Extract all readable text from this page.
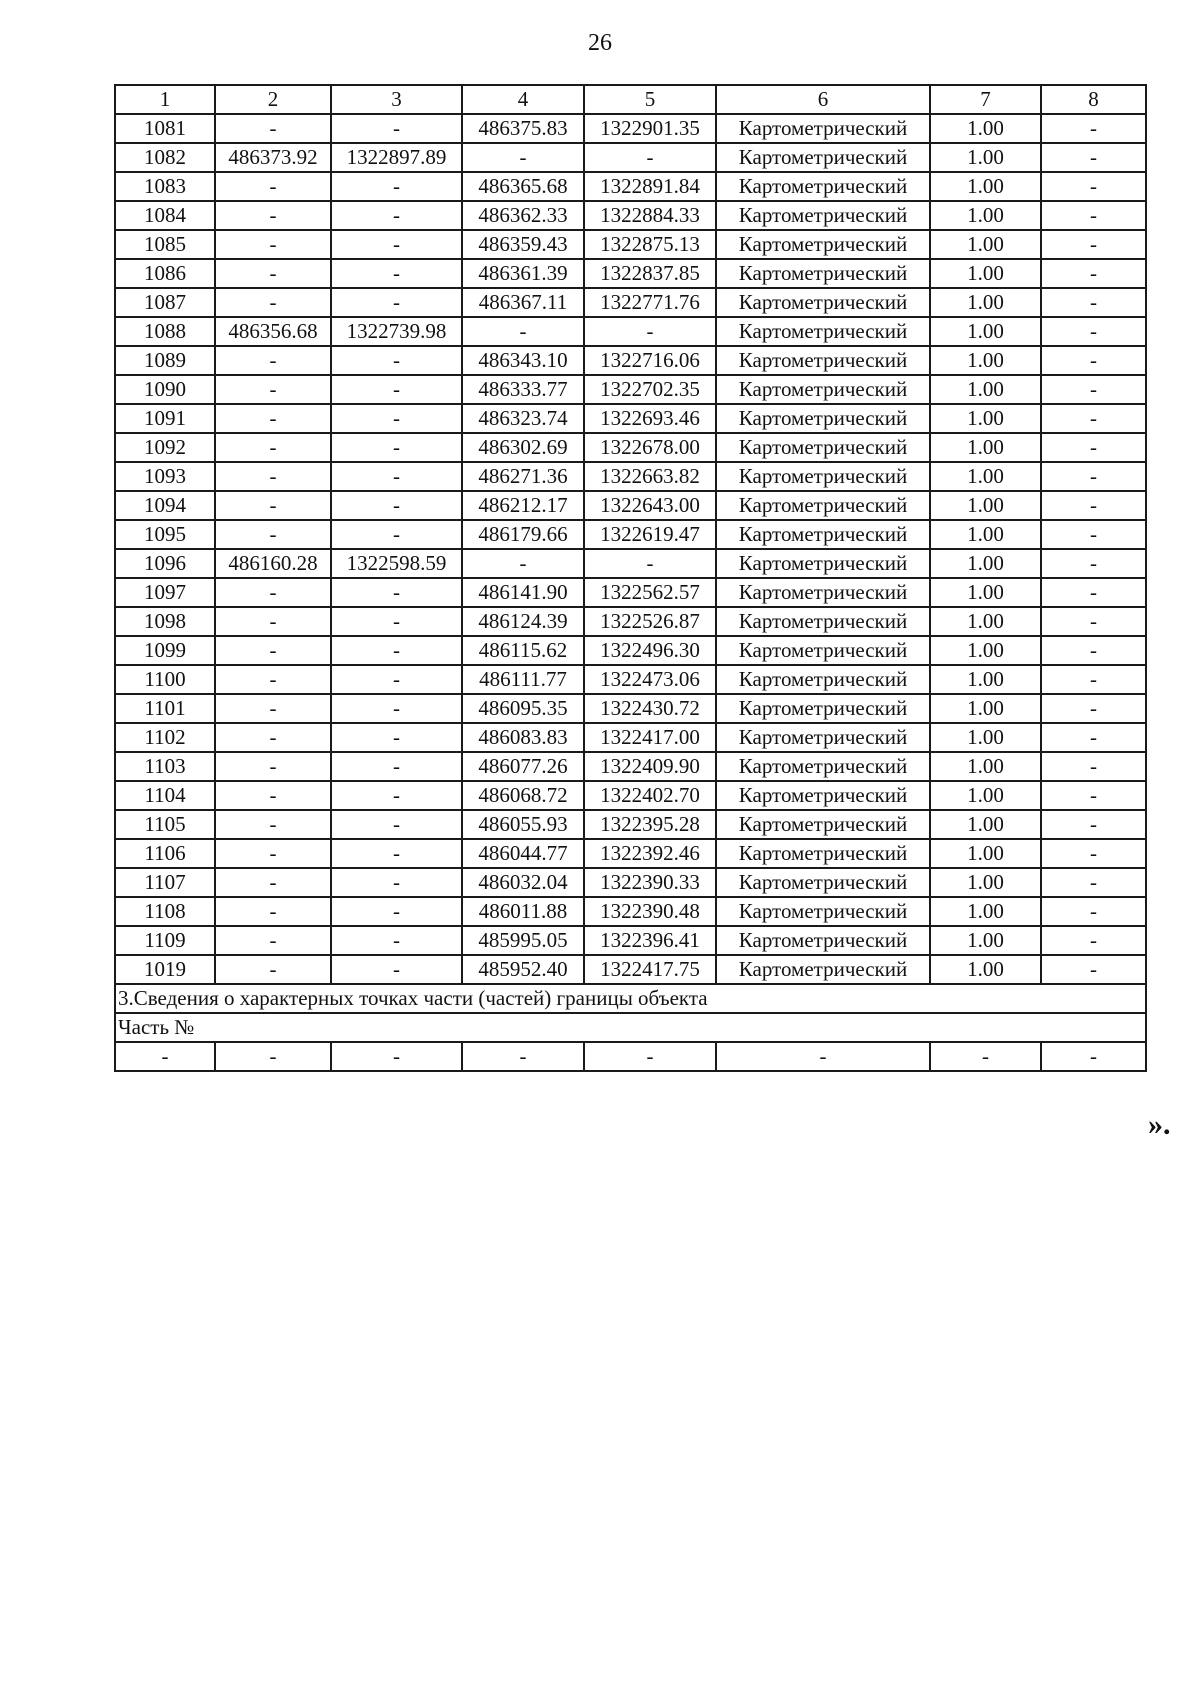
26
1	2	3	4	5	6	7	8
1081	-	-	486375.83	1322901.35	Картометрический	1.00	-
1082	486373.92	1322897.89	-	-	Картометрический	1.00	-
1083	-	-	486365.68	1322891.84	Картометрический	1.00	-
1084	-	-	486362.33	1322884.33	Картометрический	1.00	-
1085	-	-	486359.43	1322875.13	Картометрический	1.00	-
1086	-	-	486361.39	1322837.85	Картометрический	1.00	-
1087	-	-	486367.11	1322771.76	Картометрический	1.00	-
1088	486356.68	1322739.98	-	-	Картометрический	1.00	-
1089	-	-	486343.10	1322716.06	Картометрический	1.00	-
1090	-	-	486333.77	1322702.35	Картометрический	1.00	-
1091	-	-	486323.74	1322693.46	Картометрический	1.00	-
1092	-	-	486302.69	1322678.00	Картометрический	1.00	-
1093	-	-	486271.36	1322663.82	Картометрический	1.00	-
1094	-	-	486212.17	1322643.00	Картометрический	1.00	-
1095	-	-	486179.66	1322619.47	Картометрический	1.00	-
1096	486160.28	1322598.59	-	-	Картометрический	1.00	-
1097	-	-	486141.90	1322562.57	Картометрический	1.00	-
1098	-	-	486124.39	1322526.87	Картометрический	1.00	-
1099	-	-	486115.62	1322496.30	Картометрический	1.00	-
1100	-	-	486111.77	1322473.06	Картометрический	1.00	-
1101	-	-	486095.35	1322430.72	Картометрический	1.00	-
1102	-	-	486083.83	1322417.00	Картометрический	1.00	-
1103	-	-	486077.26	1322409.90	Картометрический	1.00	-
1104	-	-	486068.72	1322402.70	Картометрический	1.00	-
1105	-	-	486055.93	1322395.28	Картометрический	1.00	-
1106	-	-	486044.77	1322392.46	Картометрический	1.00	-
1107	-	-	486032.04	1322390.33	Картометрический	1.00	-
1108	-	-	486011.88	1322390.48	Картометрический	1.00	-
1109	-	-	485995.05	1322396.41	Картометрический	1.00	-
1019	-	-	485952.40	1322417.75	Картометрический	1.00	-
3.Сведения о характерных точках части (частей) границы объекта							
Часть №							
-	-	-	-	-	-	-	-
».
